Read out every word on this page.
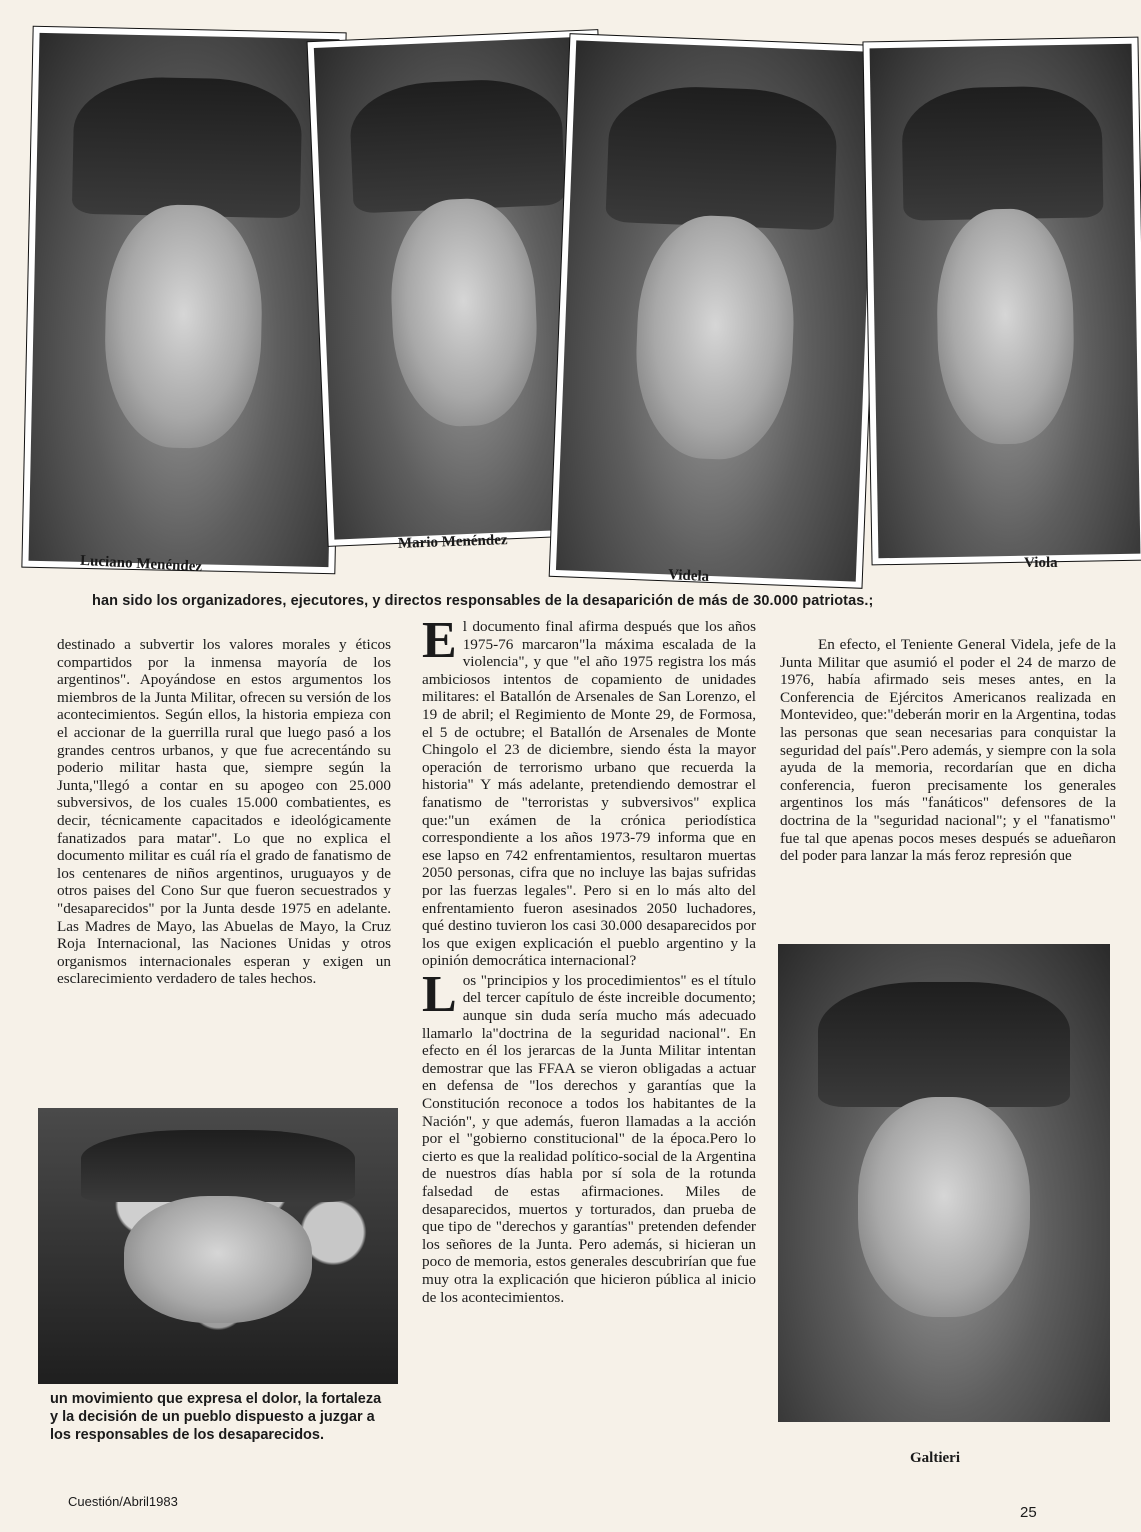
Luciano Menéndez
Mario Menéndez
Videla
Viola
han sido los organizadores, ejecutores, y directos responsables de la desaparición de más de 30.000 patriotas.;

destinado a subvertir los valores morales y éticos compartidos por la inmensa mayoría de los argentinos". Apoyándose en estos argumentos los miembros de la Junta Militar, ofrecen su versión de los acontecimientos. Según ellos, la historia empieza con el accionar de la guerrilla rural que luego pasó a los grandes centros urbanos, y que fue acrecentándo su poderio militar hasta que, siempre según la Junta,"llegó a contar en su apogeo con 25.000 subversivos, de los cuales 15.000 combatientes, es decir, técnicamente capacitados e ideológicamente fanatizados para matar". Lo que no explica el documento militar es cuál ría el grado de fanatismo de los centenares de niños argentinos, uruguayos y de otros paises del Cono Sur que fueron secuestrados y "desaparecidos" por la Junta desde 1975 en adelante. Las Madres de Mayo, las Abuelas de Mayo, la Cruz Roja Internacional, las Naciones Unidas y otros organismos internacionales esperan y exigen un esclarecimiento verdadero de tales hechos.

un movimiento que expresa el dolor, la fortaleza y la decisión de un pueblo dispuesto a juzgar a los responsables de los desaparecidos.

E l documento final afirma después que los años 1975-76 marcaron"la máxima escalada de la violencia", y que "el año 1975 registra los más ambiciosos intentos de copamiento de unidades militares: el Batallón de Arsenales de San Lorenzo, el 19 de abril; el Regimiento de Monte 29, de Formosa, el 5 de octubre; el Batallón de Arsenales de Monte Chingolo el 23 de diciembre, siendo ésta la mayor operación de terrorismo urbano que recuerda la historia" Y más adelante, pretendiendo demostrar el fanatismo de "terroristas y subversivos" explica que:"un exámen de la crónica periodística correspondiente a los años 1973-79 informa que en ese lapso en 742 enfrentamientos, resultaron muertas 2050 personas, cifra que no incluye las bajas sufridas por las fuerzas legales". Pero si en lo más alto del enfrentamiento fueron asesinados 2050 luchadores, qué destino tuvieron los casi 30.000 desaparecidos por los que exigen explicación el pueblo argentino y la opinión democrática internacional?

L os "principios y los procedimientos" es el título del tercer capítulo de éste increible documento; aunque sin duda sería mucho más adecuado llamarlo la"doctrina de la seguridad nacional". En efecto en él los jerarcas de la Junta Militar intentan demostrar que las FFAA se vieron obligadas a actuar en defensa de "los derechos y garantías que la Constitución reconoce a todos los habitantes de la Nación", y que además, fueron llamadas a la acción por el "gobierno constitucional" de la época.Pero lo cierto es que la realidad político-social de la Argentina de nuestros días habla por sí sola de la rotunda falsedad de estas afirmaciones. Miles de desaparecidos, muertos y torturados, dan prueba de que tipo de "derechos y garantías" pretenden defender los señores de la Junta. Pero además, si hicieran un poco de memoria, estos generales descubrirían que fue muy otra la explicación que hicieron pública al inicio de los acontecimientos.

En efecto, el Teniente General Videla, jefe de la Junta Militar que asumió el poder el 24 de marzo de 1976, había afirmado seis meses antes, en la Conferencia de Ejércitos Americanos realizada en Montevideo, que:"deberán morir en la Argentina, todas las personas que sean necesarias para conquistar la seguridad del país".Pero además, y siempre con la sola ayuda de la memoria, recordarían que en dicha conferencia, fueron precisamente los generales argentinos los más "fanáticos" defensores de la doctrina de la "seguridad nacional"; y el "fanatismo" fue tal que apenas pocos meses después se adueñaron del poder para lanzar la más feroz represión que

Galtieri
Cuestión/Abril1983
25
